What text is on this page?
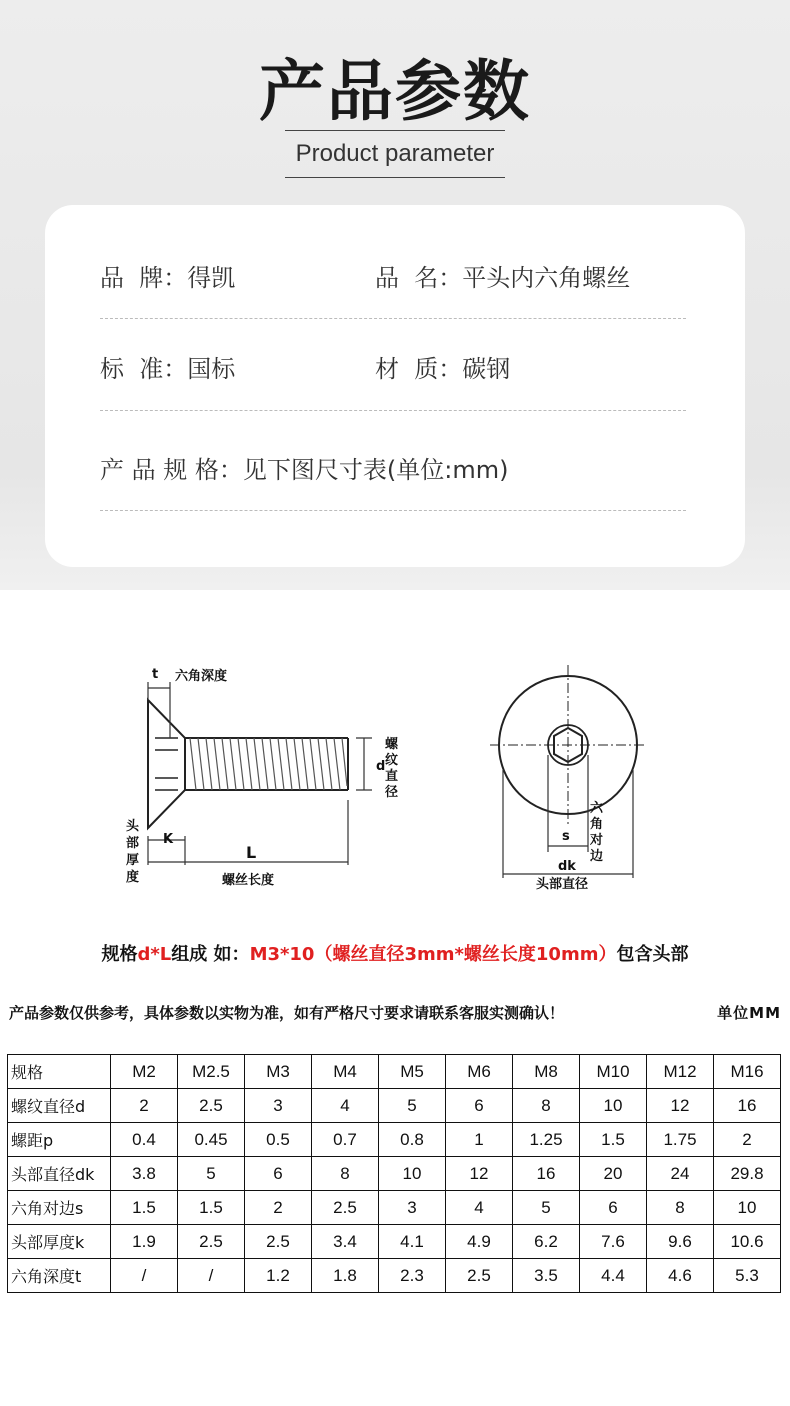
产品参数
Product parameter
品  牌：得凯	品  名：平头内六角螺丝
标  准：国标	材  质：碳钢
产 品 规 格：见下图尺寸表(单位:mm)
t 六角深度
d
螺
纹
直
径
头
部
厚
度
K
L
螺丝长度
s
六
角
对
边
dk
头部直径
规格d*L组成 如：M3*10（螺丝直径3mm*螺丝长度10mm）包含头部
产品参数仅供参考，具体参数以实物为准，如有严格尺寸要求请联系客服实测确认！	单位MM
规格	M2	M2.5	M3	M4	M5	M6	M8	M10	M12	M16
螺纹直径d	2	2.5	3	4	5	6	8	10	12	16
螺距p	0.4	0.45	0.5	0.7	0.8	1	1.25	1.5	1.75	2
头部直径dk	3.8	5	6	8	10	12	16	20	24	29.8
六角对边s	1.5	1.5	2	2.5	3	4	5	6	8	10
头部厚度k	1.9	2.5	2.5	3.4	4.1	4.9	6.2	7.6	9.6	10.6
六角深度t	/	/	1.2	1.8	2.3	2.5	3.5	4.4	4.6	5.3
